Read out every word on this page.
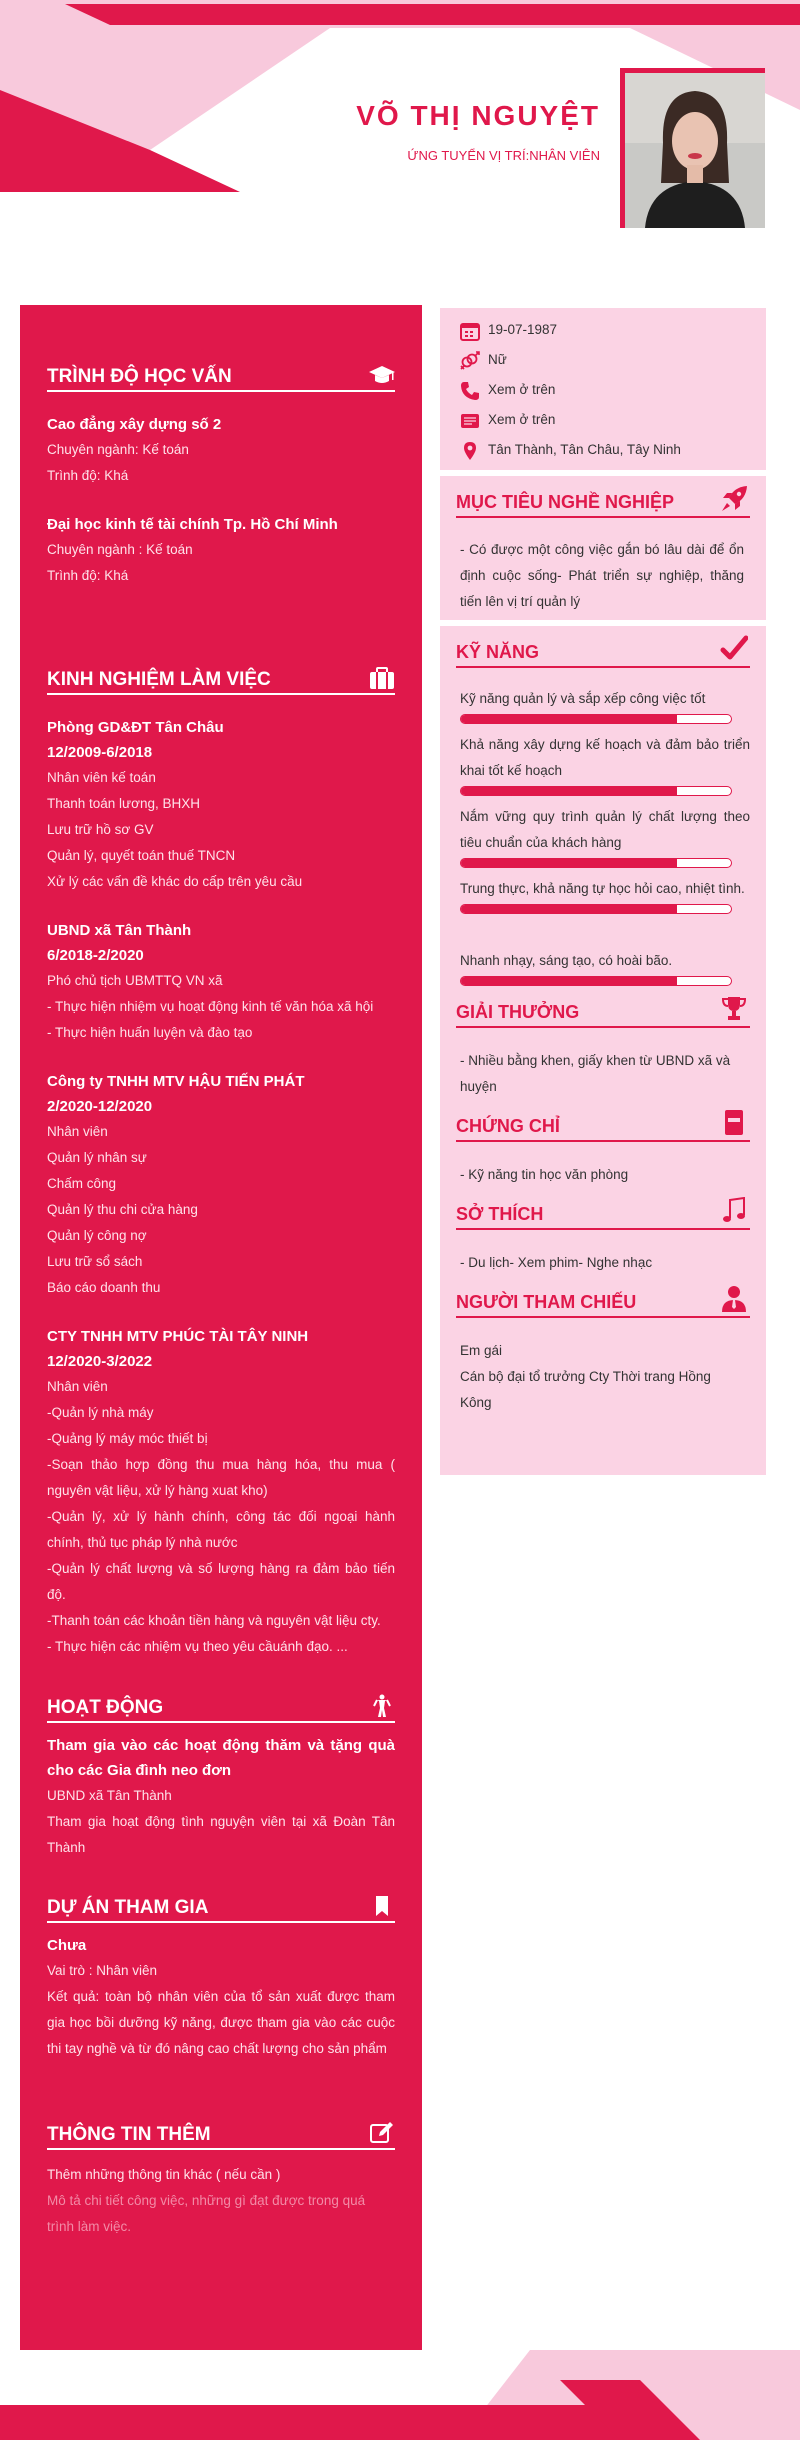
VÕ THỊ NGUYỆT
ỨNG TUYỂN VỊ TRÍ:NHÂN VIÊN
TRÌNH ĐỘ HỌC VẤN
Cao đẳng xây dựng số 2
Chuyên ngành: Kế toán
Trình độ: Khá
Đại học kinh tế tài chính Tp. Hồ Chí Minh
Chuyên ngành : Kế toán
Trình độ: Khá
KINH NGHIỆM LÀM VIỆC
Phòng GD&ĐT Tân Châu
12/2009-6/2018
Nhân viên kế toán
Thanh toán lương, BHXH
Lưu trữ hồ sơ GV
Quản lý, quyết toán thuế TNCN
Xử lý các vấn đề khác do cấp trên yêu cầu
UBND xã Tân Thành
6/2018-2/2020
Phó chủ tịch UBMTTQ VN xã
- Thực hiện nhiệm vụ hoạt động kinh tế văn hóa xã hội
- Thực hiện huấn luyện và đào tạo
Công ty TNHH MTV HẬU TIẾN PHÁT
2/2020-12/2020
Nhân viên
Quản lý nhân sự
Chấm công
Quản lý thu chi cửa hàng
Quản lý công nợ
Lưu trữ sổ sách
Báo cáo doanh thu
CTY TNHH MTV PHÚC TÀI TÂY NINH
12/2020-3/2022
Nhân viên
-Quản lý nhà máy
-Quảng lý máy móc thiết bị
-Soạn thảo hợp đồng thu mua hàng hóa, thu mua ( nguyên vật liệu, xử lý hàng xuat kho)
-Quản lý, xử lý hành chính, công tác đối ngoại hành chính, thủ tục pháp lý nhà nước
-Quản lý chất lượng và số lượng hàng ra đảm bảo tiến độ.
-Thanh toán các khoản tiền hàng và nguyên vật liệu cty.
- Thực hiện các nhiệm vụ theo yêu cầuánh đạo. ...
HOẠT ĐỘNG
Tham gia vào các hoạt động thăm và tặng quà cho các Gia đình neo đơn
UBND xã Tân Thành
Tham gia hoạt động tình nguyện viên tại xã Đoàn Tân Thành
DỰ ÁN THAM GIA
Chưa
Vai trò : Nhân viên
Kết quả: toàn bộ nhân viên của tổ sản xuất được tham gia học bồi dưỡng kỹ năng, được tham gia vào các cuộc thi tay nghề và từ đó nâng cao chất lượng cho sản phẩm
THÔNG TIN THÊM
Thêm những thông tin khác ( nếu cần )
Mô tả chi tiết công việc, những gì đạt được trong quá trình làm việc.
19-07-1987
Nữ
Xem ở trên
Xem ở trên
Tân Thành, Tân Châu, Tây Ninh
MỤC TIÊU NGHỀ NGHIỆP
- Có được một công việc gắn bó lâu dài để ổn định cuộc sống- Phát triển sự nghiệp, thăng tiến lên vị trí quản lý
KỸ NĂNG
Kỹ năng quản lý và sắp xếp công việc tốt
Khả năng xây dựng kế hoạch và đảm bảo triển khai tốt kế hoạch
Nắm vững quy trình quản lý chất lượng theo tiêu chuẩn của khách hàng
Trung thực, khả năng tự học hỏi cao, nhiệt tình.
Nhanh nhạy, sáng tạo, có hoài bão.
GIẢI THƯỞNG
- Nhiều bằng khen, giấy khen từ UBND xã và huyện
CHỨNG CHỈ
- Kỹ năng tin học văn phòng
SỞ THÍCH
- Du lịch- Xem phim- Nghe nhạc
NGƯỜI THAM CHIẾU
Em gái
Cán bộ đại tổ trưởng Cty Thời trang Hồng Kông
